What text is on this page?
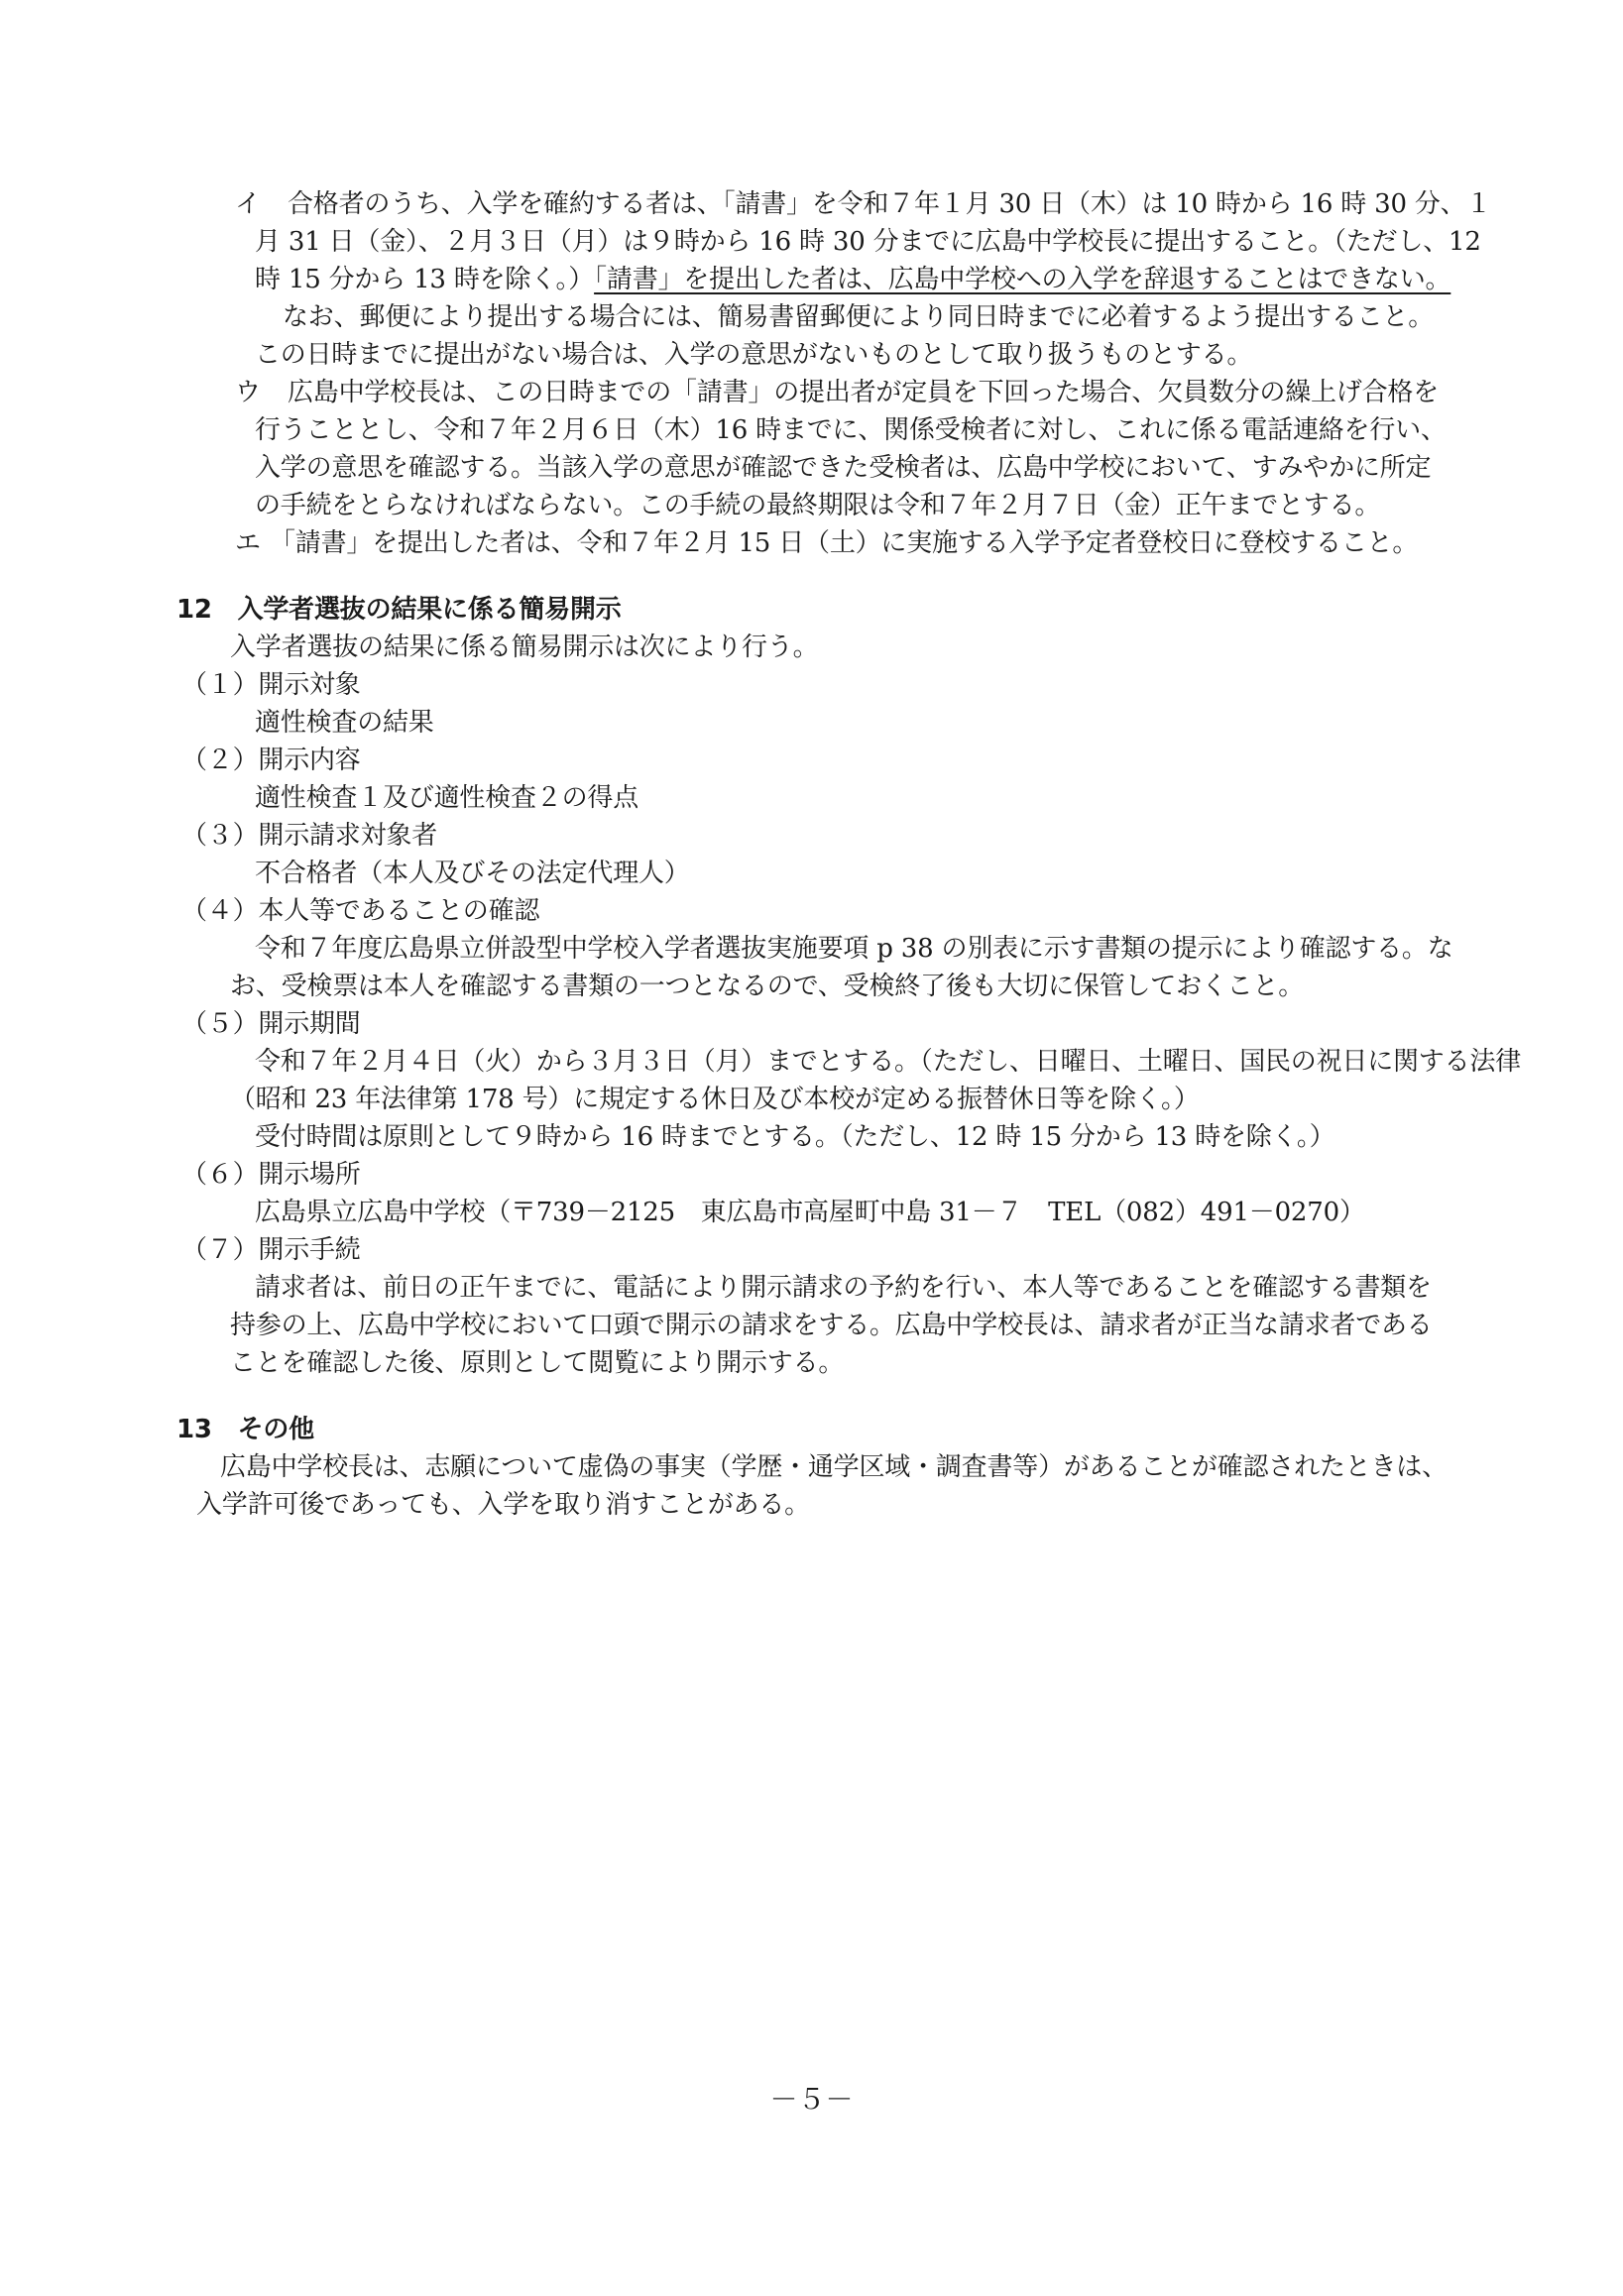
イ 合格者のうち、入学を確約する者は、「請書」を令和７年１月 30 日（木）は 10 時から 16 時 30 分、１
月 31 日（金）、２月３日（月）は９時から 16 時 30 分までに広島中学校長に提出すること。（ただし、12
時 15 分から 13 時を除く。）「請書」を提出した者は、広島中学校への入学を辞退することはできない。
なお、郵便により提出する場合には、簡易書留郵便により同日時までに必着するよう提出すること。
この日時までに提出がない場合は、入学の意思がないものとして取り扱うものとする。
ウ 広島中学校長は、この日時までの「請書」の提出者が定員を下回った場合、欠員数分の繰上げ合格を
行うこととし、令和７年２月６日（木）16 時までに、関係受検者に対し、これに係る電話連絡を行い、
入学の意思を確認する。当該入学の意思が確認できた受検者は、広島中学校において、すみやかに所定
の手続をとらなければならない。この手続の最終期限は令和７年２月７日（金）正午までとする。
エ 「請書」を提出した者は、令和７年２月 15 日（土）に実施する入学予定者登校日に登校すること。
12　入学者選抜の結果に係る簡易開示
入学者選抜の結果に係る簡易開示は次により行う。
（１）開示対象
適性検査の結果
（２）開示内容
適性検査１及び適性検査２の得点
（３）開示請求対象者
不合格者（本人及びその法定代理人）
（４）本人等であることの確認
令和７年度広島県立併設型中学校入学者選抜実施要項 p 38 の別表に示す書類の提示により確認する。な
お、受検票は本人を確認する書類の一つとなるので、受検終了後も大切に保管しておくこと。
（５）開示期間
令和７年２月４日（火）から３月３日（月）までとする。（ただし、日曜日、土曜日、国民の祝日に関する法律
（昭和 23 年法律第 178 号）に規定する休日及び本校が定める振替休日等を除く。）
受付時間は原則として９時から 16 時までとする。（ただし、12 時 15 分から 13 時を除く。）
（６）開示場所
広島県立広島中学校（〒739－2125　東広島市高屋町中島 31－７　TEL（082）491－0270）
（７）開示手続
請求者は、前日の正午までに、電話により開示請求の予約を行い、本人等であることを確認する書類を
持参の上、広島中学校において口頭で開示の請求をする。広島中学校長は、請求者が正当な請求者である
ことを確認した後、原則として閲覧により開示する。
13　その他
広島中学校長は、志願について虚偽の事実（学歴・通学区域・調査書等）があることが確認されたときは、
入学許可後であっても、入学を取り消すことがある。
－５－
